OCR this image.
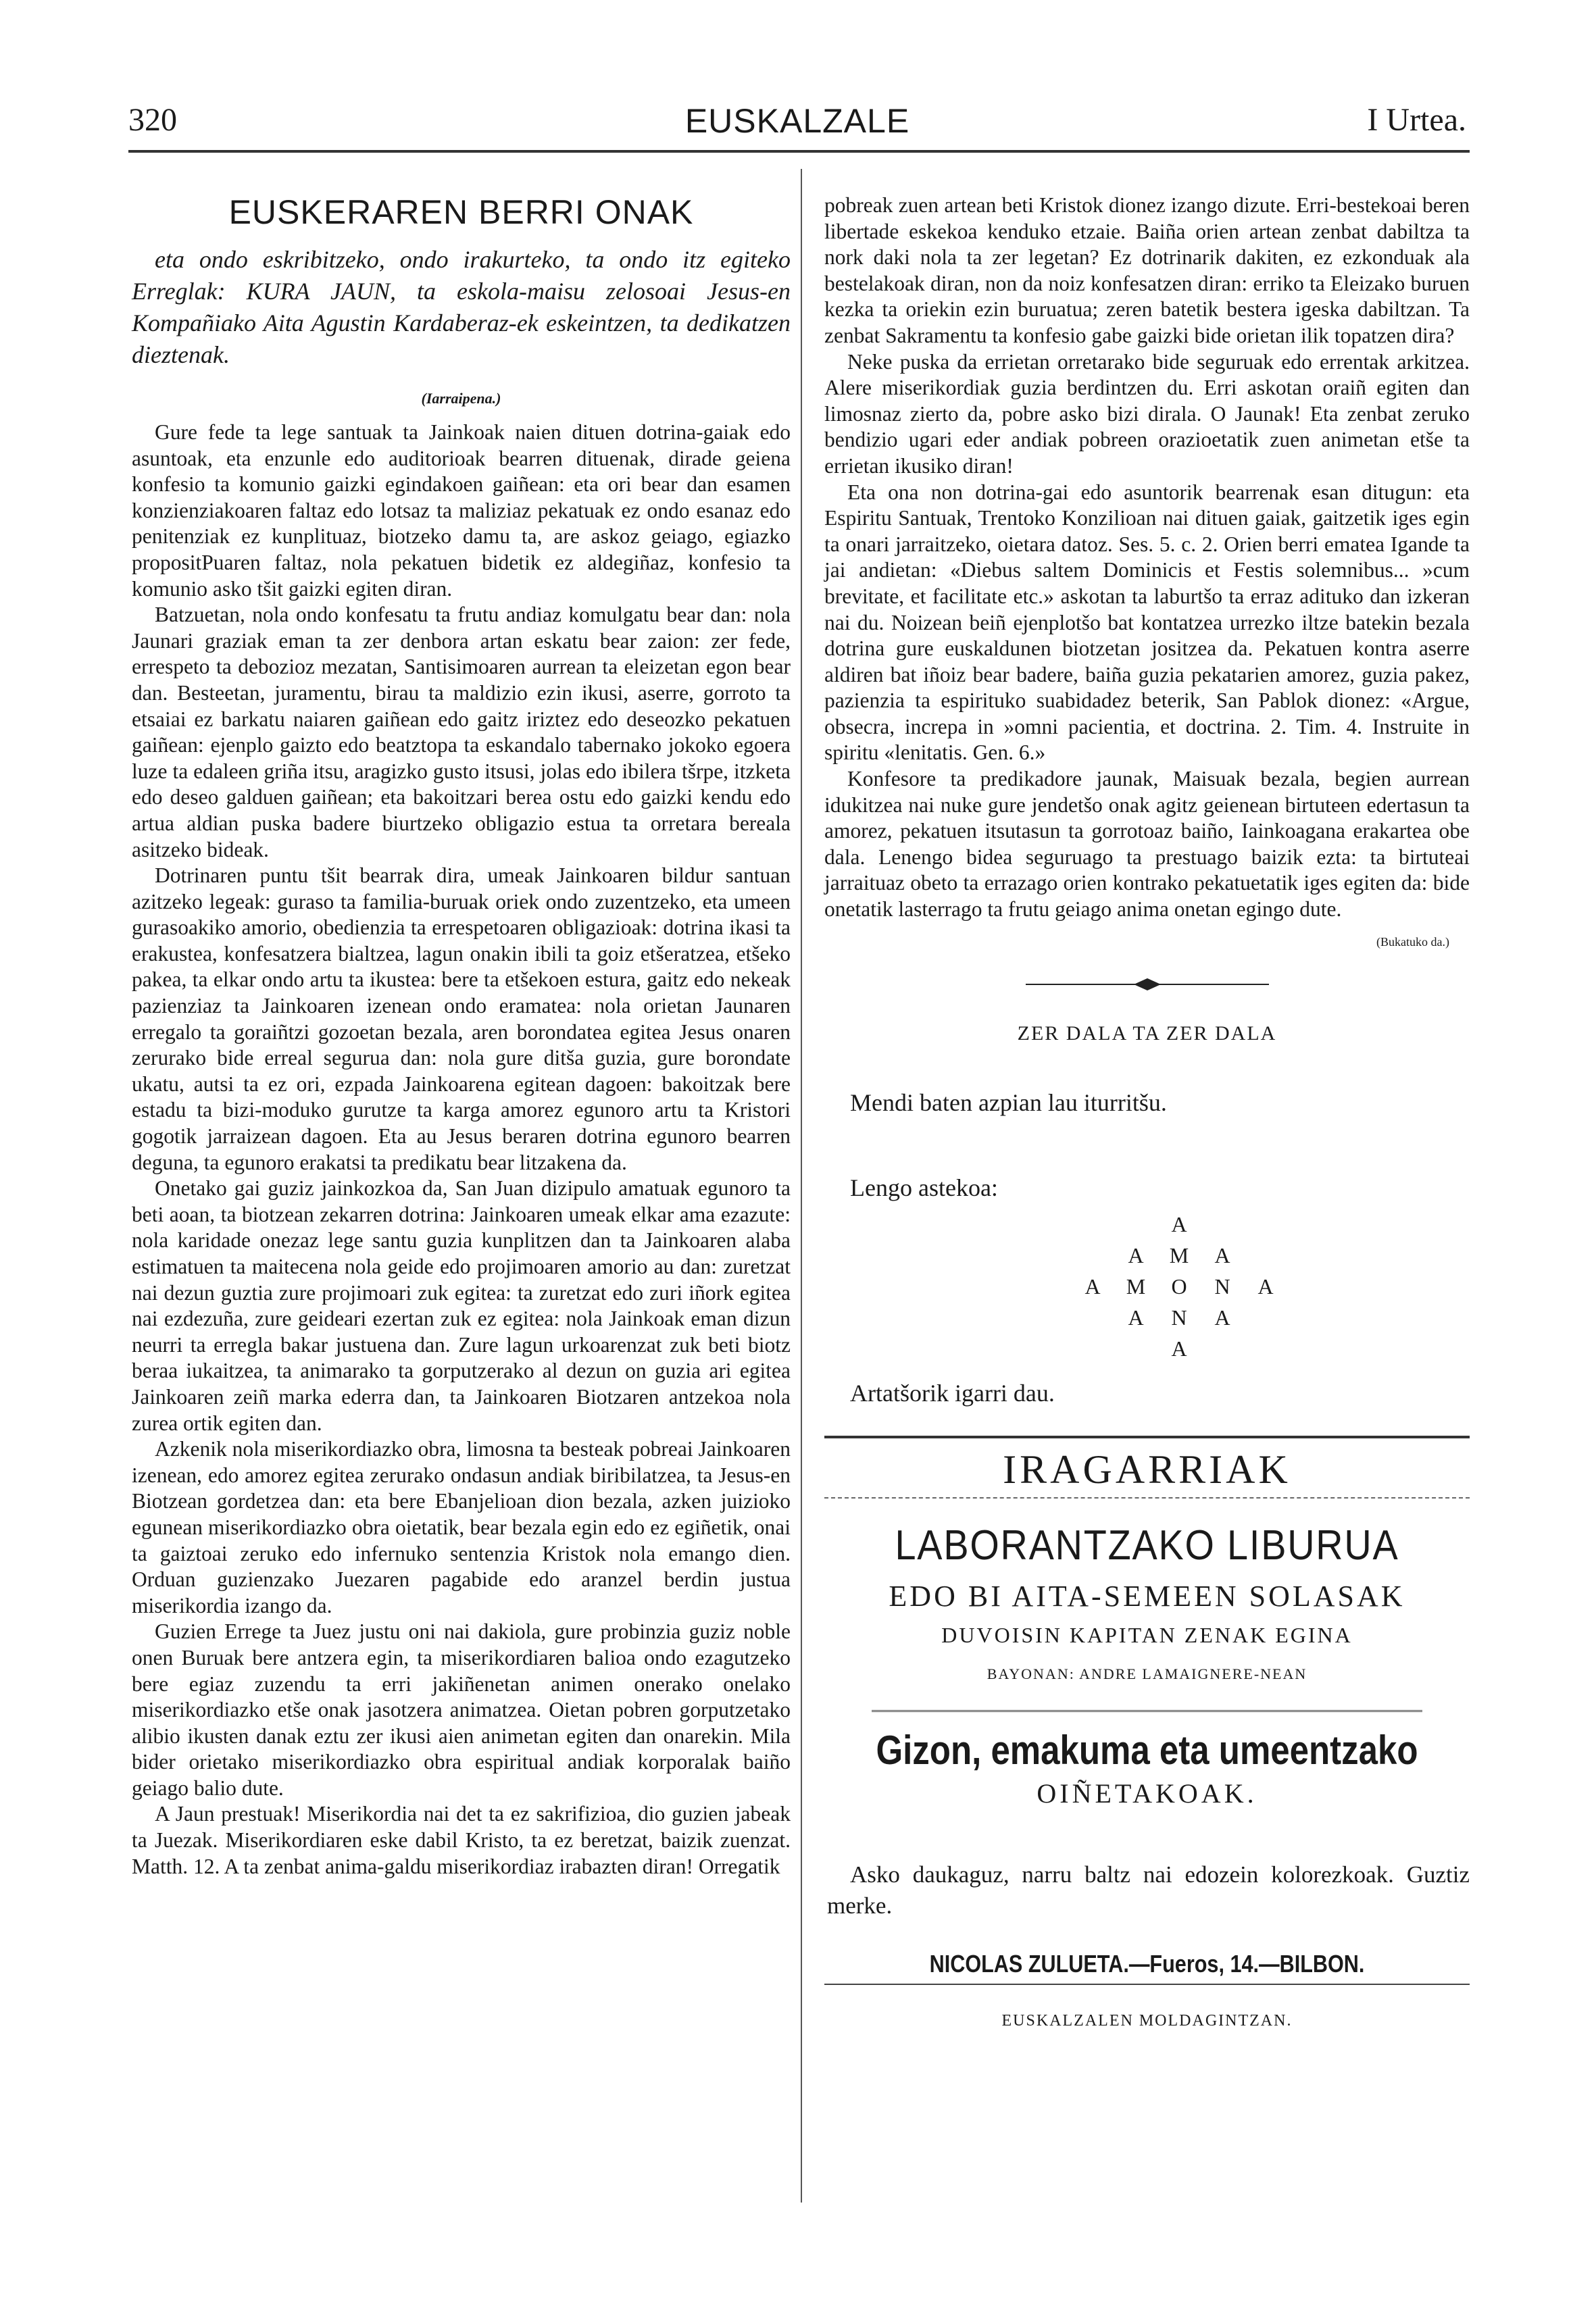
320	EUSKALZALE	I Urtea.
EUSKERAREN BERRI ONAK
eta ondo eskribitzeko, ondo irakurteko, ta ondo itz egiteko Erreglak: KURA JAUN, ta eskola-maisu zelosoai Jesus-en Kompañiako Aita Agustin Kardaberaz-ek eskeintzen, ta dedikatzen dieztenak.
(Iarraipena.)

Gure fede ta lege santuak ta Jainkoak naien dituen dotrina-gaiak edo asuntoak, eta enzunle edo auditorioak bearren dituenak, dirade geiena konfesio ta komunio gaizki egindakoen gaiñean: eta ori bear dan esamen konzienziakoaren faltaz edo lotsaz ta maliziaz pekatuak ez ondo esanaz edo penitenziak ez kunplituaz, biotzeko damu ta, are askoz geiago, egiazko propositPuaren faltaz, nola pekatuen bidetik ez aldegiñaz, konfesio ta komunio asko tšit gaizki egiten diran.

Batzuetan, nola ondo konfesatu ta frutu andiaz komulgatu bear dan: nola Jaunari graziak eman ta zer denbora artan eskatu bear zaion: zer fede, errespeto ta debozioz mezatan, Santisimoaren aurrean ta eleizetan egon bear dan. Besteetan, juramentu, birau ta maldizio ezin ikusi, aserre, gorroto ta etsaiai ez barkatu naiaren gaiñean edo gaitz iriztez edo deseozko pekatuen gaiñean: ejenplo gaizto edo beatztopa ta eskandalo tabernako jokoko egoera luze ta edaleen griña itsu, aragizko gusto itsusi, jolas edo ibilera tšrpe, itzketa edo deseo galduen gaiñean; eta bakoitzari berea ostu edo gaizki kendu edo artua aldian puska badere biurtzeko obligazio estua ta orretara bereala asitzeko bideak.

Dotrinaren puntu tšit bearrak dira, umeak Jainkoaren bildur santuan azitzeko legeak: guraso ta familia-buruak oriek ondo zuzentzeko, eta umeen gurasoakiko amorio, obedienzia ta errespetoaren obligazioak: dotrina ikasi ta erakustea, konfesatzera bialtzea, lagun onakin ibili ta goiz etšeratzea, etšeko pakea, ta elkar ondo artu ta ikustea: bere ta etšekoen estura, gaitz edo nekeak pazienziaz ta Jainkoaren izenean ondo eramatea: nola orietan Jaunaren erregalo ta goraiñtzi gozoetan bezala, aren borondatea egitea Jesus onaren zerurako bide erreal segurua dan: nola gure ditša guzia, gure borondate ukatu, autsi ta ez ori, ezpada Jainkoarena egitean dagoen: bakoitzak bere estadu ta bizi-moduko gurutze ta karga amorez egunoro artu ta Kristori gogotik jarraizean dagoen. Eta au Jesus beraren dotrina egunoro bearren deguna, ta egunoro erakatsi ta predikatu bear litzakena da.

Onetako gai guziz jainkozkoa da, San Juan dizipulo amatuak egunoro ta beti aoan, ta biotzean zekarren dotrina: Jainkoaren umeak elkar ama ezazute: nola karidade onezaz lege santu guzia kunplitzen dan ta Jainkoaren alaba estimatuen ta maitecena nola geide edo projimoaren amorio au dan: zuretzat nai dezun guztia zure projimoari zuk egitea: ta zuretzat edo zuri iñork egitea nai ezdezuña, zure geideari ezertan zuk ez egitea: nola Jainkoak eman dizun neurri ta erregla bakar justuena dan. Zure lagun urkoarenzat zuk beti biotz beraa iukaitzea, ta animarako ta gorputzerako al dezun on guzia ari egitea Jainkoaren zeiñ marka ederra dan, ta Jainkoaren Biotzaren antzekoa nola zurea ortik egiten dan.

Azkenik nola miserikordiazko obra, limosna ta besteak pobreai Jainkoaren izenean, edo amorez egitea zerurako ondasun andiak biribilatzea, ta Jesus-en Biotzean gordetzea dan: eta bere Ebanjelioan dion bezala, azken juizioko egunean miserikordiazko obra oietatik, bear bezala egin edo ez egiñetik, onai ta gaiztoai zeruko edo infernuko sentenzia Kristok nola emango dien. Orduan guzienzako Juezaren pagabide edo aranzel berdin justua miserikordia izango da.

Guzien Errege ta Juez justu oni nai dakiola, gure probinzia guziz noble onen Buruak bere antzera egin, ta miserikordiaren balioa ondo ezagutzeko bere egiaz zuzendu ta erri jakiñenetan animen onerako onelako miserikordiazko etše onak jasotzera animatzea. Oietan pobren gorputzetako alibio ikusten danak eztu zer ikusi aien animetan egiten dan onarekin. Mila bider orietako miserikordiazko obra espiritual andiak korporalak baiño geiago balio dute.

A Jaun prestuak! Miserikordia nai det ta ez sakrifizioa, dio guzien jabeak ta Juezak. Miserikordiaren eske dabil Kristo, ta ez beretzat, baizik zuenzat. Matth. 12. A ta zenbat anima-galdu miserikordiaz irabazten diran! Orregatik

pobreak zuen artean beti Kristok dionez izango dizute. Erri-bestekoai beren libertade eskekoa kenduko etzaie. Baiña orien artean zenbat dabiltza ta nork daki nola ta zer legetan? Ez dotrinarik dakiten, ez ezkonduak ala bestelakoak diran, non da noiz konfesatzen diran: erriko ta Eleizako buruen kezka ta oriekin ezin buruatua; zeren batetik bestera igeska dabiltzan. Ta zenbat Sakramentu ta konfesio gabe gaizki bide orietan ilik topatzen dira?

Neke puska da errietan orretarako bide seguruak edo errentak arkitzea. Alere miserikordiak guzia berdintzen du. Erri askotan oraiñ egiten dan limosnaz zierto da, pobre asko bizi dirala. O Jaunak! Eta zenbat zeruko bendizio ugari eder andiak pobreen orazioetatik zuen animetan etše ta errietan ikusiko diran!

Eta ona non dotrina-gai edo asuntorik bearrenak esan ditugun: eta Espiritu Santuak, Trentoko Konzilioan nai dituen gaiak, gaitzetik iges egin ta onari jarraitzeko, oietara datoz. Ses. 5. c. 2. Orien berri ematea Igande ta jai andietan: «Diebus saltem Dominicis et Festis solemnibus... »cum brevitate, et facilitate etc.» askotan ta laburtšo ta erraz adituko dan izkeran nai du. Noizean beiñ ejenplotšo bat kontatzea urrezko iltze batekin bezala dotrina gure euskaldunen biotzetan jositzea da. Pekatuen kontra aserre aldiren bat iñoiz bear badere, baiña guzia pekatarien amorez, guzia pakez, pazienzia ta espirituko suabidadez beterik, San Pablok dionez: «Argue, obsecra, increpa in »omni pacientia, et doctrina. 2. Tim. 4. Instruite in spiritu «lenitatis. Gen. 6.»

Konfesore ta predikadore jaunak, Maisuak bezala, begien aurrean idukitzea nai nuke gure jendetšo onak agitz geienean birtuteen edertasun ta amorez, pekatuen itsutasun ta gorrotoaz baiño, Iainkoagana erakartea obe dala. Lenengo bidea seguruago ta prestuago baizik ezta: ta birtuteai jarraituaz obeto ta errazago orien kontrako pekatuetatik iges egiten da: bide onetatik lasterrago ta frutu geiago anima onetan egingo dute.

(Bukatuko da.)
ZER DALA TA ZER DALA
Mendi baten azpian lau iturritšu.
Lengo astekoa:
A
A M A
A M O N A
A N A
A
Artatšorik igarri dau.
IRAGARRIAK
LABORANTZAKO LIBURUA
EDO BI AITA-SEMEEN SOLASAK
DUVOISIN KAPITAN ZENAK EGINA
BAYONAN: ANDRE LAMAIGNERE-NEAN
Gizon, emakuma eta umeentzako
OIÑETAKOAK.
Asko daukaguz, narru baltz nai edozein kolorezkoak. Guztiz merke.
NICOLAS ZULUETA.—Fueros, 14.—BILBON.
EUSKALZALEN MOLDAGINTZAN.
